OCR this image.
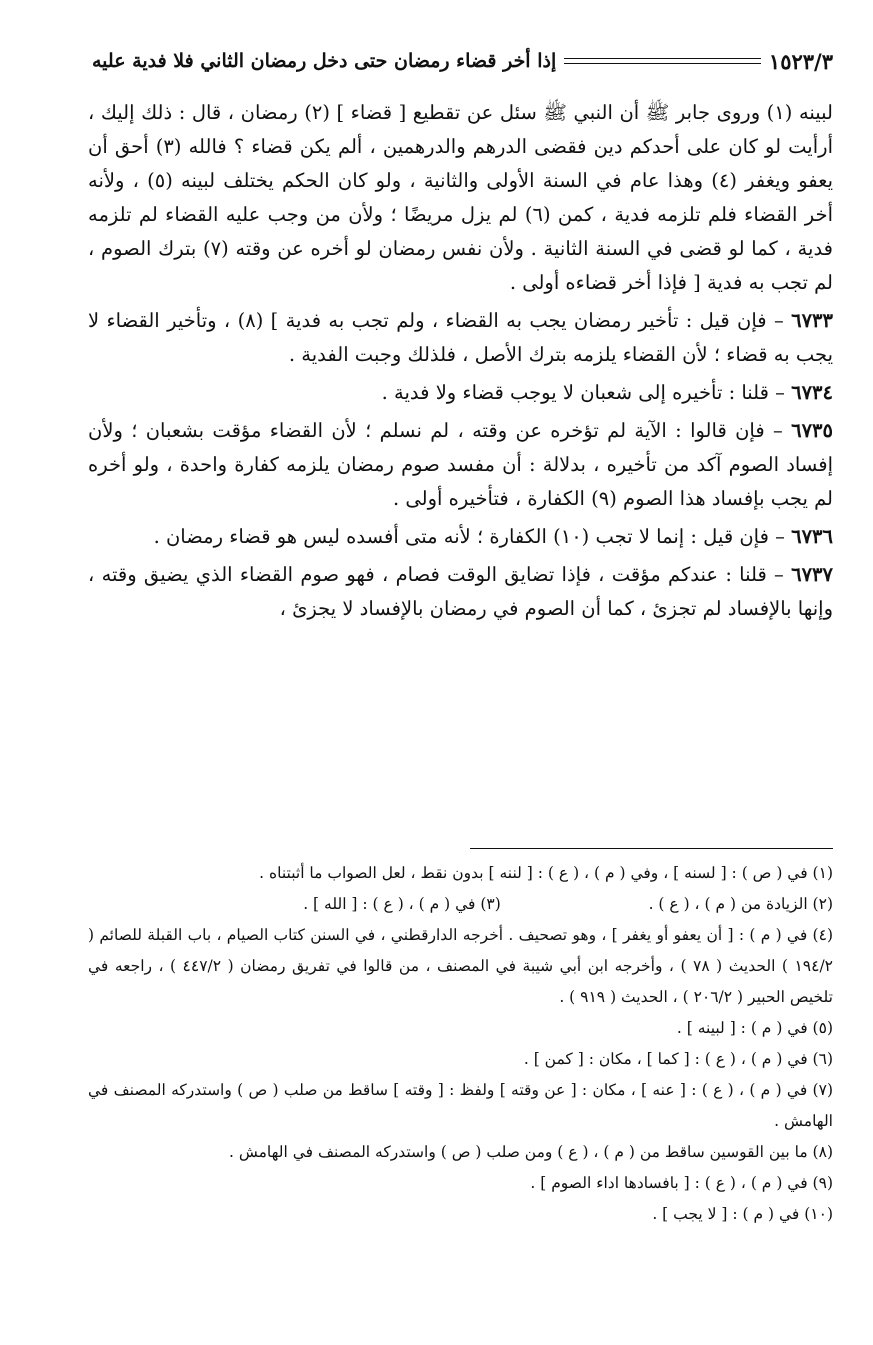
إذا أخر قضاء رمضان حتى دخل رمضان الثاني فلا فدية عليه	١٥٢٣/٣

لبينه (١) وروى جابر ﷺ أن النبي ﷺ سئل عن تقطيع [ قضاء ] (٢) رمضان ، قال : ذلك إليك ، أرأيت لو كان على أحدكم دين فقضى الدرهم والدرهمين ، ألم يكن قضاء ؟ فالله (٣) أحق أن يعفو ويغفر (٤) وهذا عام في السنة الأولى والثانية ، ولو كان الحكم يختلف لبينه (٥) ، ولأنه أخر القضاء فلم تلزمه فدية ، كمن (٦) لم يزل مريضًا ؛ ولأن من وجب عليه القضاء لم تلزمه فدية ، كما لو قضى في السنة الثانية . ولأن نفس رمضان لو أخره عن وقته (٧) بترك الصوم ، لم تجب به فدية [ فإذا أخر قضاءه أولى .

٦٧٣٣ – فإن قيل : تأخير رمضان يجب به القضاء ، ولم تجب به فدية ] (٨) ، وتأخير القضاء لا يجب به قضاء ؛ لأن القضاء يلزمه بترك الأصل ، فلذلك وجبت الفدية .

٦٧٣٤ – قلنا : تأخيره إلى شعبان لا يوجب قضاء ولا فدية .

٦٧٣٥ – فإن قالوا : الآية لم تؤخره عن وقته ، لم نسلم ؛ لأن القضاء مؤقت بشعبان ؛ ولأن إفساد الصوم آكد من تأخيره ، بدلالة : أن مفسد صوم رمضان يلزمه كفارة واحدة ، ولو أخره لم يجب بإفساد هذا الصوم (٩) الكفارة ، فتأخيره أولى .

٦٧٣٦ – فإن قيل : إنما لا تجب (١٠) الكفارة ؛ لأنه متى أفسده ليس هو قضاء رمضان .

٦٧٣٧ – قلنا : عندكم مؤقت ، فإذا تضايق الوقت فصام ، فهو صوم القضاء الذي يضيق وقته ، وإنها بالإفساد لم تجزئ ، كما أن الصوم في رمضان بالإفساد لا يجزئ ،

(١) في ( ص ) : [ لسنه ] ، وفي ( م ) ، ( ع ) : [ لننه ] بدون نقط ، لعل الصواب ما أثبتناه .

(٢) الزيادة من ( م ) ، ( ع ) .                              (٣) في ( م ) ، ( ع ) : [ الله ] .

(٤) في ( م ) : [ أن يعفو أو يغفر ] ، وهو تصحيف . أخرجه الدارقطني ، في السنن كتاب الصيام ، باب القبلة للصائم ( ١٩٤/٢ ) الحديث ( ٧٨ ) ، وأخرجه ابن أبي شيبة في المصنف ، من قالوا في تفريق رمضان ( ٤٤٧/٢ ) ، راجعه في تلخيص الحبير ( ٢٠٦/٢ ) ، الحديث ( ٩١٩ ) .

(٥) في ( م ) : [ لبينه ] .

(٦) في ( م ) ، ( ع ) : [ كما ] ، مكان : [ كمن ] .

(٧) في ( م ) ، ( ع ) : [ عنه ] ، مكان : [ عن وقته ] ولفظ : [ وقته ] ساقط من صلب ( ص ) واستدركه المصنف في الهامش .

(٨) ما بين القوسين ساقط من ( م ) ، ( ع ) ومن صلب ( ص ) واستدركه المصنف في الهامش .

(٩) في ( م ) ، ( ع ) : [ بافسادها اداء الصوم ] .

(١٠) في ( م ) : [ لا يجب ] .
